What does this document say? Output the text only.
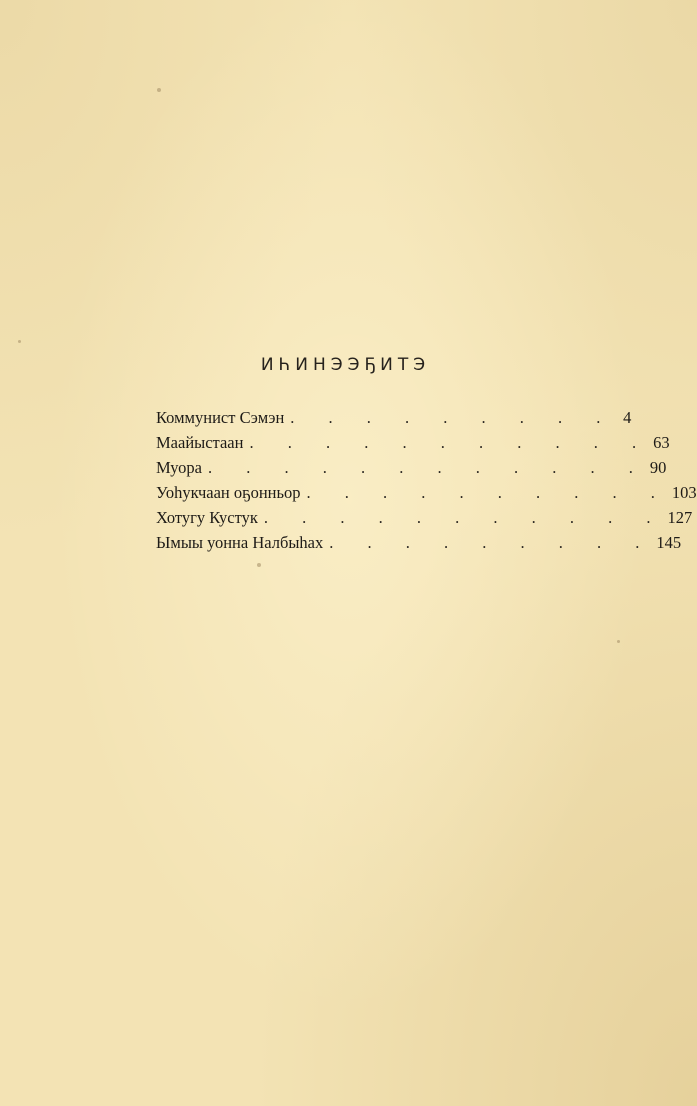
ИҺИНЭЭҔИТЭ
Коммунист Сэмэн . . . . . . . . . 4
Маайыстаан . . . . . . . . . . . 63
Муора . . . . . . . . . . . . 90
Уоһукчаан оҕонньор . . . . . . . . . . 103
Хотугу Кустук . . . . . . . . . . . 127
Ымыы уонна Налбыһах . . . . . . . . . 145
